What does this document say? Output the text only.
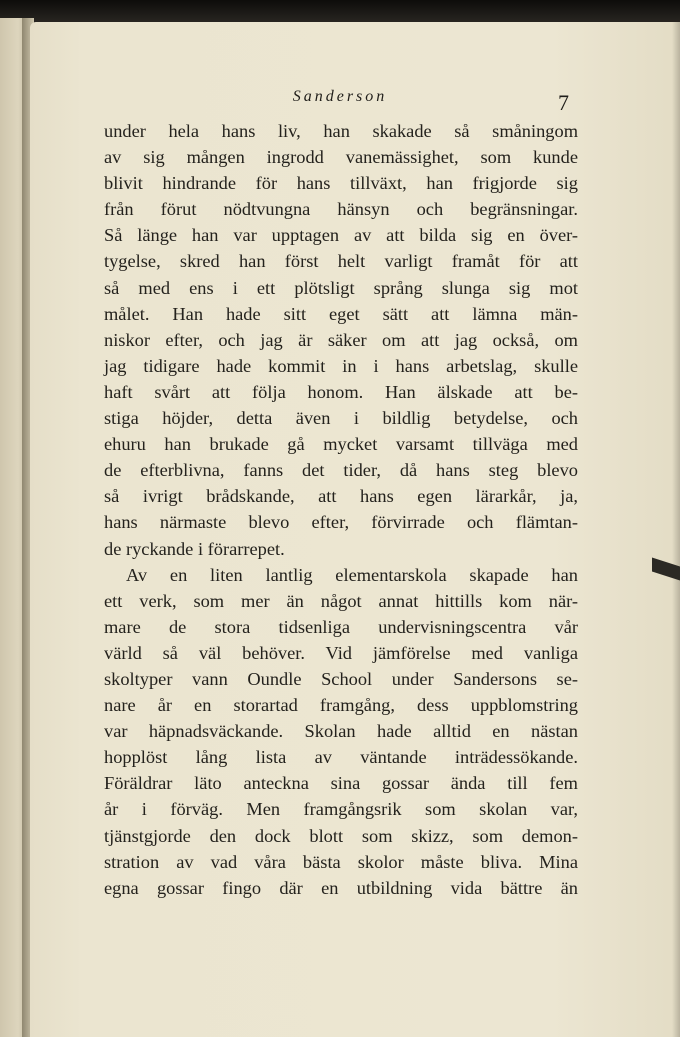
Sanderson	7
under hela hans liv, han skakade så småningom
av sig mången ingrodd vanemässighet, som kunde
blivit hindrande för hans tillväxt, han frigjorde sig
från förut nödtvungna hänsyn och begränsningar.
Så länge han var upptagen av att bilda sig en över-
tygelse, skred han först helt varligt framåt för att
så med ens i ett plötsligt språng slunga sig mot
målet. Han hade sitt eget sätt att lämna män-
niskor efter, och jag är säker om att jag också, om
jag tidigare hade kommit in i hans arbetslag, skulle
haft svårt att följa honom. Han älskade att be-
stiga höjder, detta även i bildlig betydelse, och
ehuru han brukade gå mycket varsamt tillväga med
de efterblivna, fanns det tider, då hans steg blevo
så ivrigt brådskande, att hans egen lärarkår, ja,
hans närmaste blevo efter, förvirrade och flämtan-
de ryckande i förarrepet.
Av en liten lantlig elementarskola skapade han
ett verk, som mer än något annat hittills kom när-
mare de stora tidsenliga undervisningscentra vår
värld så väl behöver. Vid jämförelse med vanliga
skoltyper vann Oundle School under Sandersons se-
nare år en storartad framgång, dess uppblomstring
var häpnadsväckande. Skolan hade alltid en nästan
hopplöst lång lista av väntande inträdessökande.
Föräldrar läto anteckna sina gossar ända till fem
år i förväg. Men framgångsrik som skolan var,
tjänstgjorde den dock blott som skizz, som demon-
stration av vad våra bästa skolor måste bliva. Mina
egna gossar fingo där en utbildning vida bättre än
